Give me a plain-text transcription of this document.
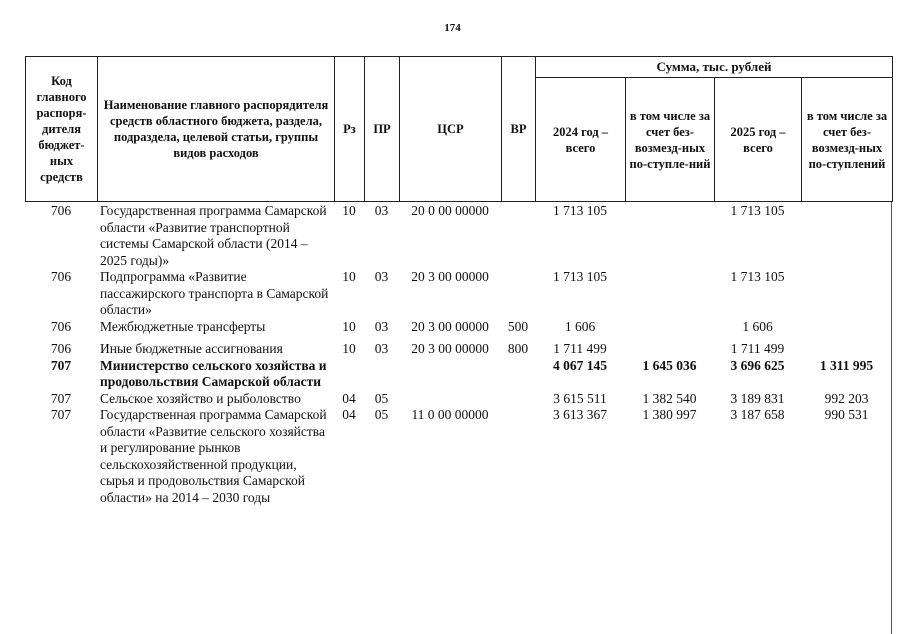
174
Код главного распоря-дителя бюджет-ных средств	Наименование главного распорядителя средств областного бюджета, раздела, подраздела, целевой статьи, группы видов расходов	Рз	ПР	ЦСР	ВР	Сумма, тыс. рублей			
						2024 год – всего	в том числе за счет без-возмезд-ных по-ступле-ний	2025 год – всего	в том числе за счет без-возмезд-ных по-ступлений
706	Государственная программа Самарской области «Развитие транспортной системы Самарской области (2014 – 2025 годы)»	10	03	20 0 00 00000		1 713 105		1 713 105	
706	Подпрограмма «Развитие пассажирского транспорта в Самарской области»	10	03	20 3 00 00000		1 713 105		1 713 105	
706	Межбюджетные трансферты	10	03	20 3 00 00000	500	1 606		1 606	
706	Иные бюджетные ассигнования	10	03	20 3 00 00000	800	1 711 499		1 711 499	
707	Министерство сельского хозяйства и продовольствия Самарской области					4 067 145	1 645 036	3 696 625	1 311 995
707	Сельское хозяйство и рыболовство	04	05			3 615 511	1 382 540	3 189 831	992 203
707	Государственная программа Самарской области «Развитие сельского хозяйства и регулирование рынков сельскохозяйственной продукции, сырья и продовольствия Самарской области» на 2014 – 2030 годы	04	05	11 0 00 00000		3 613 367	1 380 997	3 187 658	990 531
